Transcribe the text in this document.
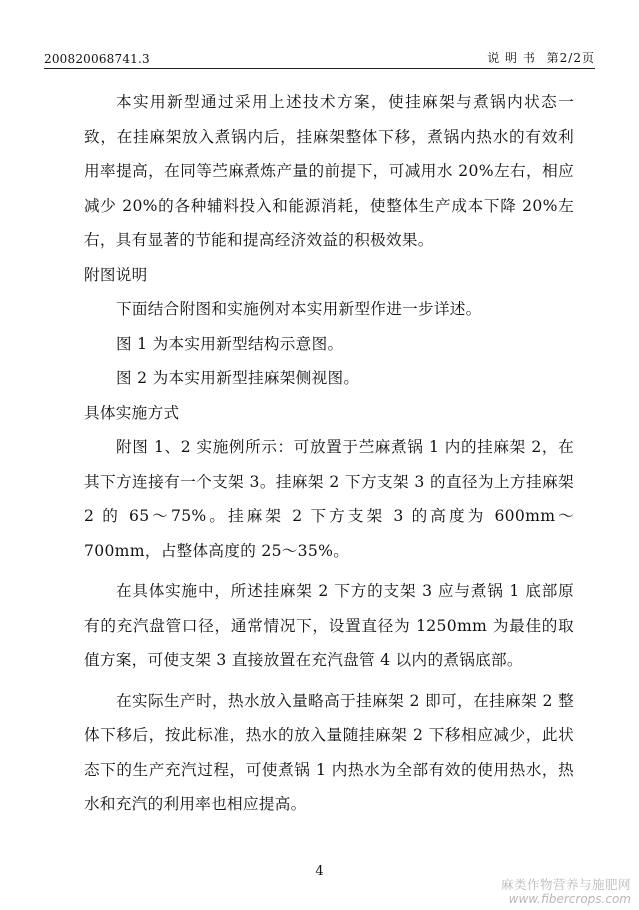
200820068741.3	说 明 书 第2/2页

本实用新型通过采用上述技术方案，使挂麻架与煮锅内状态一致，在挂麻架放入煮锅内后，挂麻架整体下移，煮锅内热水的有效利用率提高，在同等苎麻煮炼产量的前提下，可减用水 20%左右，相应减少 20%的各种辅料投入和能源消耗，使整体生产成本下降 20%左右，具有显著的节能和提高经济效益的积极效果。

附图说明

下面结合附图和实施例对本实用新型作进一步详述。

图 1 为本实用新型结构示意图。

图 2 为本实用新型挂麻架侧视图。

具体实施方式

附图 1、2 实施例所示：可放置于苎麻煮锅 1 内的挂麻架 2，在其下方连接有一个支架 3。挂麻架 2 下方支架 3 的直径为上方挂麻架 2 的 65～75%。挂麻架 2 下方支架 3 的高度为 600mm～700mm，占整体高度的 25～35%。

在具体实施中，所述挂麻架 2 下方的支架 3 应与煮锅 1 底部原有的充汽盘管口径，通常情况下，设置直径为 1250mm 为最佳的取值方案，可使支架 3 直接放置在充汽盘管 4 以内的煮锅底部。

在实际生产时，热水放入量略高于挂麻架 2 即可，在挂麻架 2 整体下移后，按此标准，热水的放入量随挂麻架 2 下移相应减少，此状态下的生产充汽过程，可使煮锅 1 内热水为全部有效的使用热水，热水和充汽的利用率也相应提高。

4
麻类作物营养与施肥网
www.fibercrops.com
